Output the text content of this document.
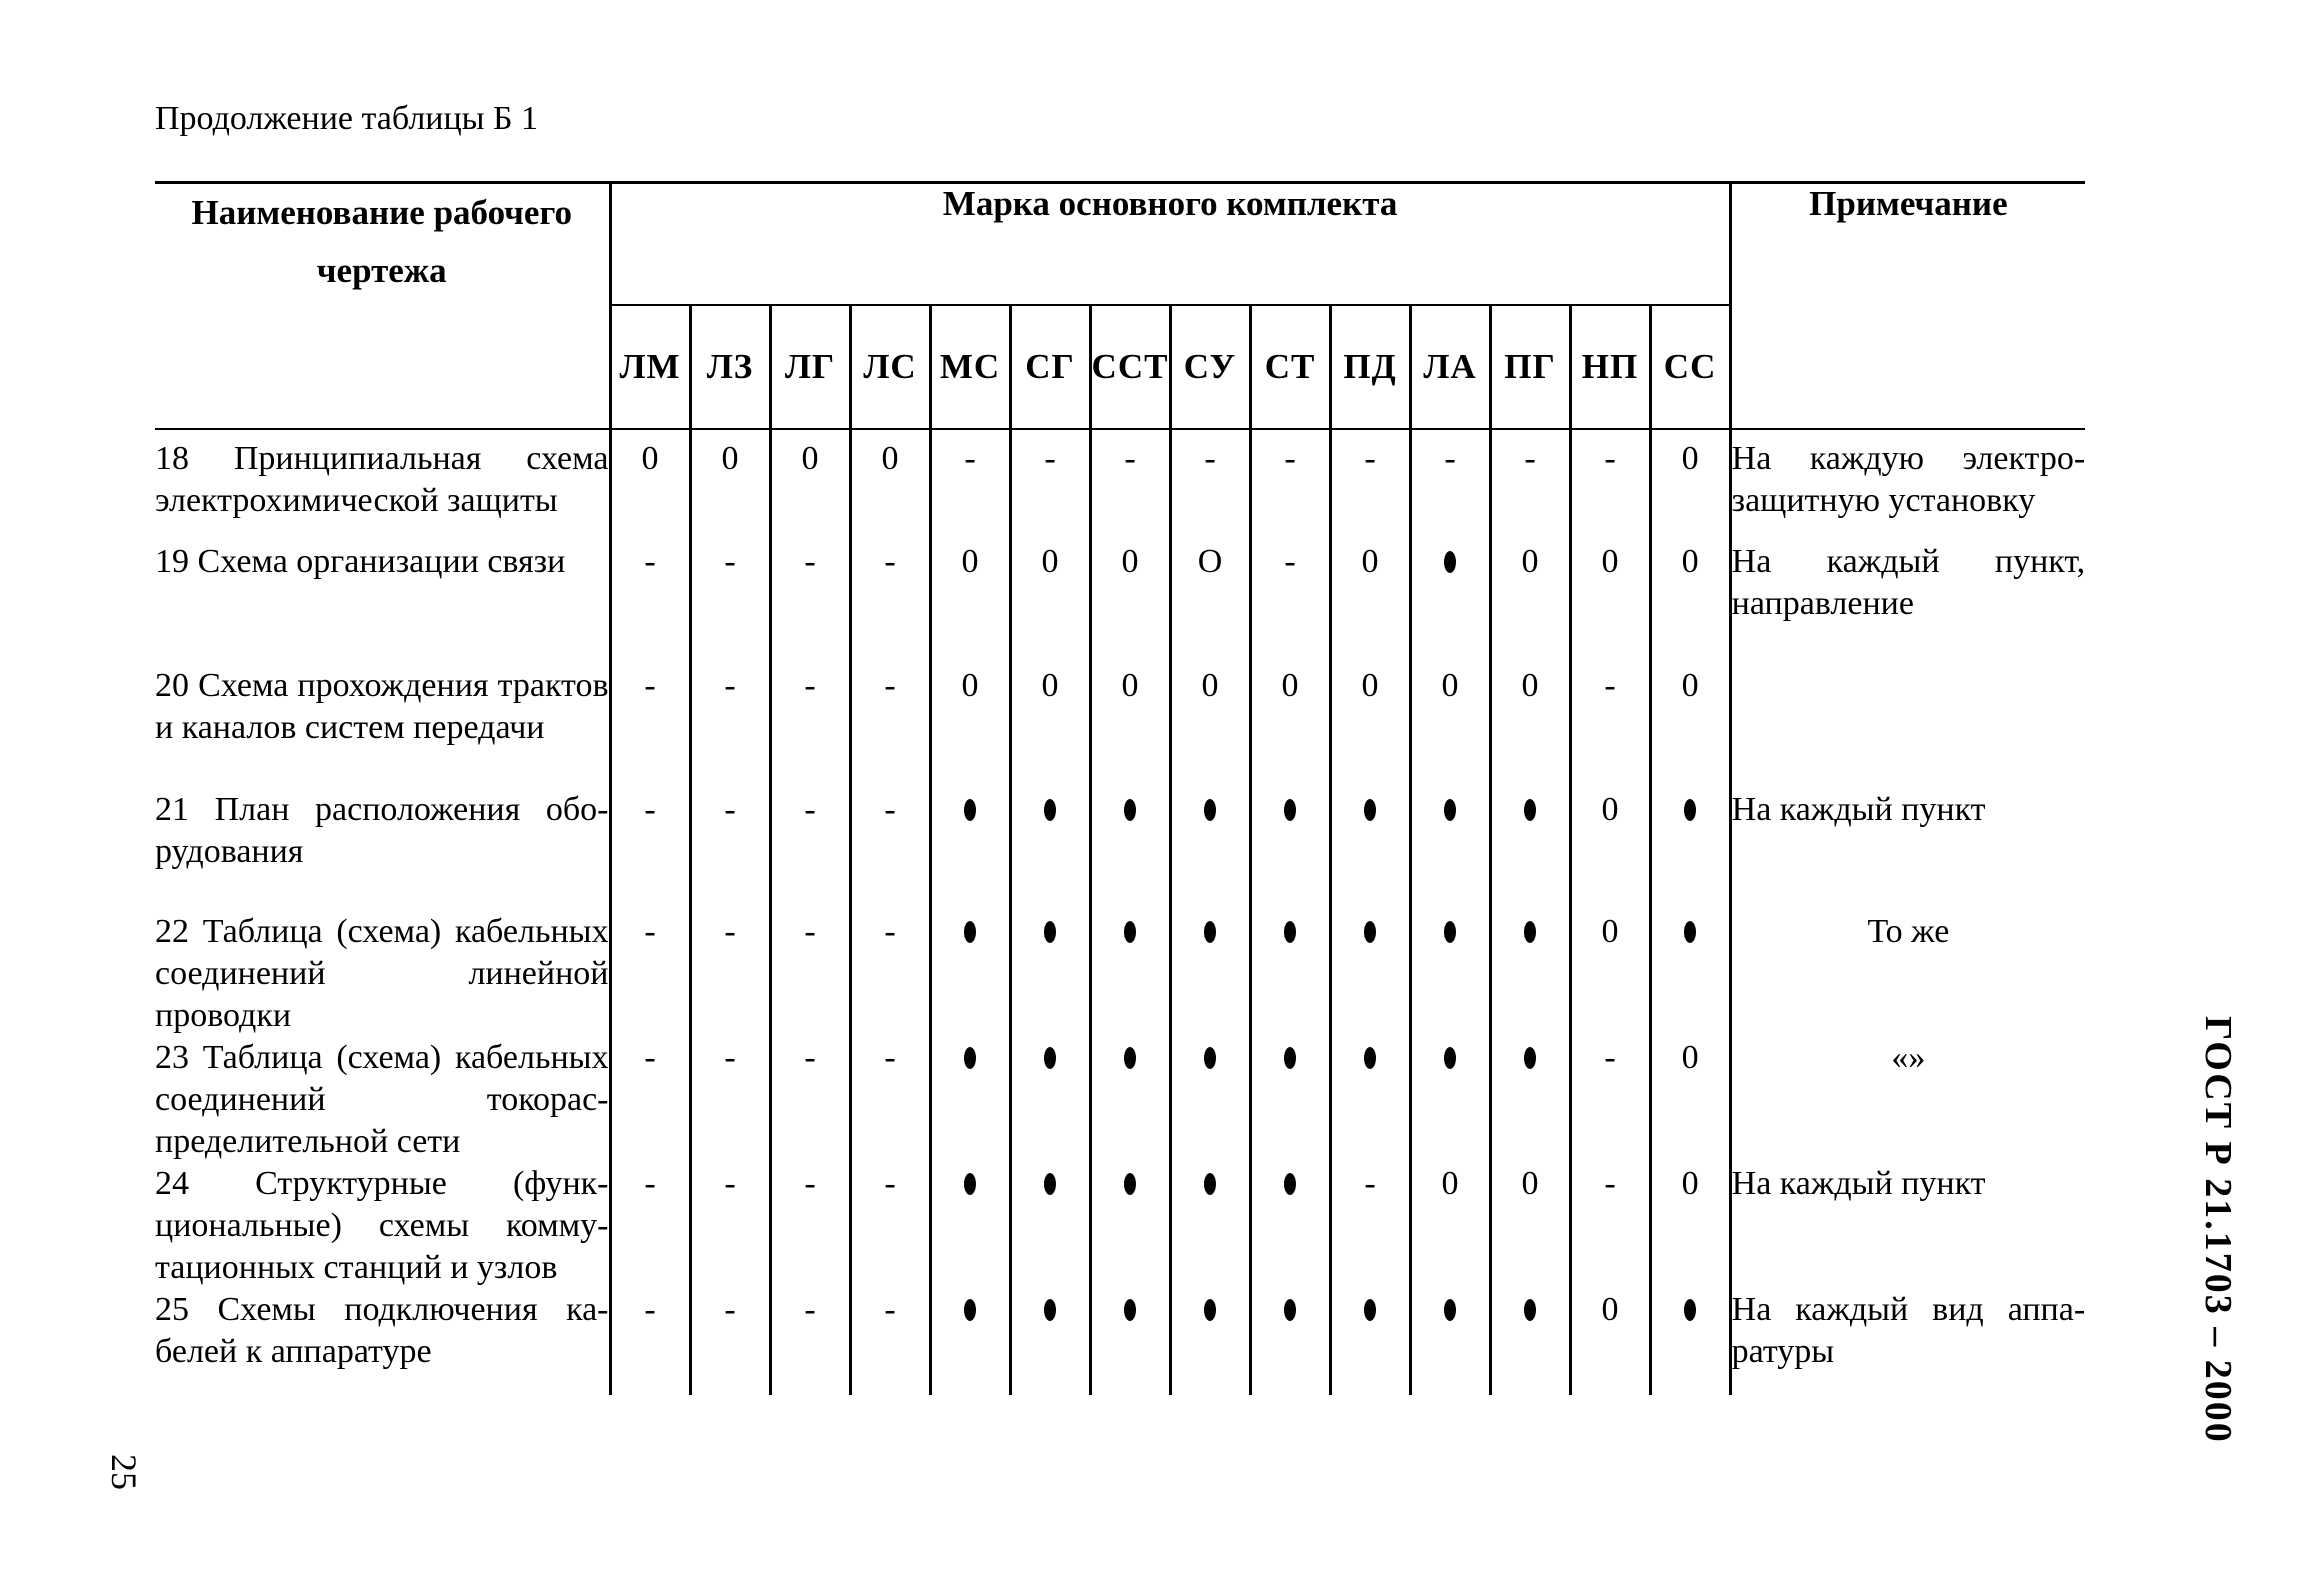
Продолжение таблицы Б 1
Наименование рабочего чертежа	Марка основного комплекта														Примечание
	ЛМ	ЛЗ	ЛГ	ЛС	МС	СГ	ССТ	СУ	СТ	ПД	ЛА	ПГ	НП	СС	
18 Принципиальная схема электрохимической защиты	0	0	0	0	-	-	-	-	-	-	-	-	-	0	На каждую электрозащитную установку
19 Схема организации связи	-	-	-	-	0	0	0	O	-	0		0	0	0	На каждый пункт, направление
20 Схема прохождения трактов и каналов систем передачи	-	-	-	-	0	0	0	0	0	0	0	0	-	0	
21 План расположения оборудования	-	-	-	-									0		На каждый пункт
22 Таблица (схема) кабельных соединений линейной проводки	-	-	-	-									0		То же
23 Таблица (схема) кабельных соединений токораспределительной сети	-	-	-	-									-	0	«»
24 Структурные (функциональные) схемы коммутационных станций и узлов	-	-	-	-						-	0	0	-	0	На каждый пункт
25 Схемы подключения кабелей к аппаратуре	-	-	-	-									0		На каждый вид аппаратуры	ГОСТ Р 21.1703 – 2000
25
